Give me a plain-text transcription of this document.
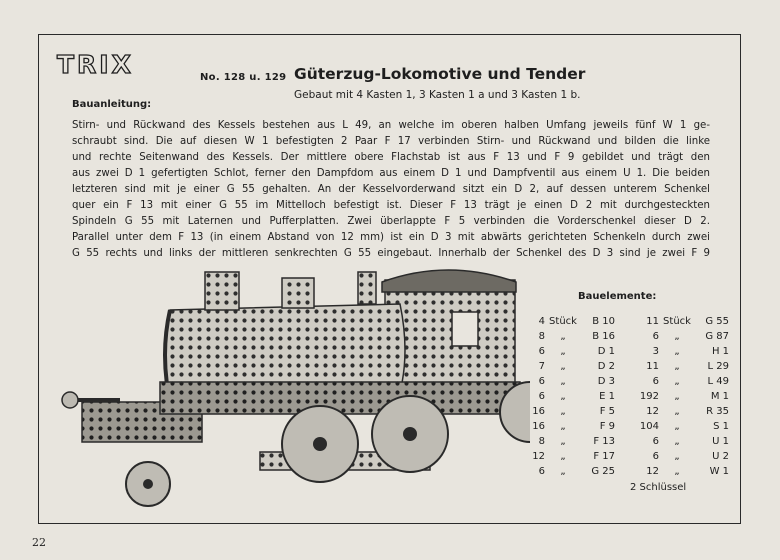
TRIX	No. 128 u. 129 Güterzug-Lokomotive und Tender
Gebaut mit 4 Kasten 1, 3 Kasten 1 a und 3 Kasten 1 b.
Bauanleitung:
Stirn- und Rückwand des Kessels bestehen aus L 49, an welche im oberen halben Umfang jeweils fünf W 1 ge-
schraubt sind. Die auf diesen W 1 befestigten 2 Paar F 17 verbinden Stirn- und Rückwand und bilden die linke
und rechte Seitenwand des Kessels. Der mittlere obere Flachstab ist aus F 13 und F 9 gebildet und trägt den
aus zwei D 1 gefertigten Schlot, ferner den Dampfdom aus einem D 1 und Dampfventil aus einem U 1. Die beiden
letzteren sind mit je einer G 55 gehalten. An der Kesselvorderwand sitzt ein D 2, auf dessen unterem Schenkel
quer ein F 13 mit einer G 55 im Mittelloch befestigt ist. Dieser F 13 trägt je einen D 2 mit durchgesteckten
Spindeln G 55 mit Laternen und Pufferplatten. Zwei überlappte F 5 verbinden die Vorderschenkel dieser D 2.
Parallel unter dem F 13 (in einem Abstand von 12 mm) ist ein D 3 mit abwärts gerichteten Schenkeln durch zwei
G 55 rechts und links der mittleren senkrechten G 55 eingebaut. Innerhalb der Schenkel des D 3 sind je zwei F 9
Bauelemente:
4	Stück	B 10	11	Stück	G 55
8	„	B 16	6	„	G 87
6	„	D 1	3	„	H 1
7	„	D 2	11	„	L 29
6	„	D 3	6	„	L 49
6	„	E 1	192	„	M 1
16	„	F 5	12	„	R 35
16	„	F 9	104	„	S 1
8	„	F 13	6	„	U 1
12	„	F 17	6	„	U 2
6	„	G 25	12	„	W 1
2 Schlüssel
22
